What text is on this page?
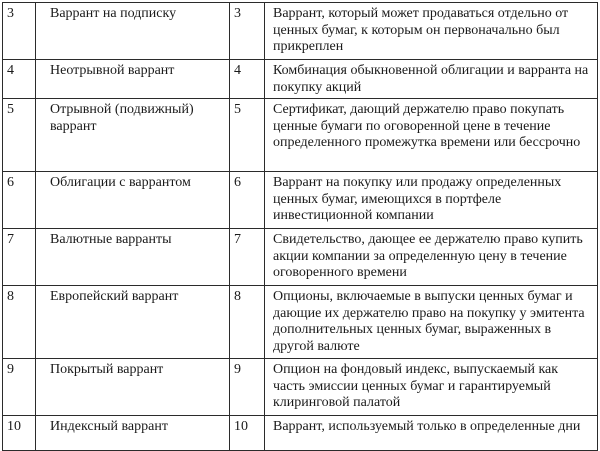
3	Варрант на подписку	3	Варрант, который может продаваться отдельно от ценных бумаг, к которым он первоначально был прикреплен
4	Неотрывной варрант	4	Комбинация обыкновенной облигации и варранта на покупку акций
5	Отрывной (подвижный) варрант	5	Сертификат, дающий держателю право покупать ценные бумаги по оговоренной цене в течение определенного промежутка времени или бессрочно
6	Облигации с варрантом	6	Варрант на покупку или продажу определенных ценных бумаг, имеющихся в портфеле инвестиционной компании
7	Валютные варранты	7	Свидетельство, дающее ее держателю право купить акции компании за определенную цену в течение оговоренного времени
8	Европейский варрант	8	Опционы, включаемые в выпуски ценных бумаг и дающие их держателю право на покупку у эмитента дополнительных ценных бумаг, выраженных в другой валюте
9	Покрытый варрант	9	Опцион на фондовый индекс, выпускаемый как часть эмиссии ценных бумаг и гарантируемый клиринговой палатой
10	Индексный варрант	10	Варрант, используемый только в определенные дни
